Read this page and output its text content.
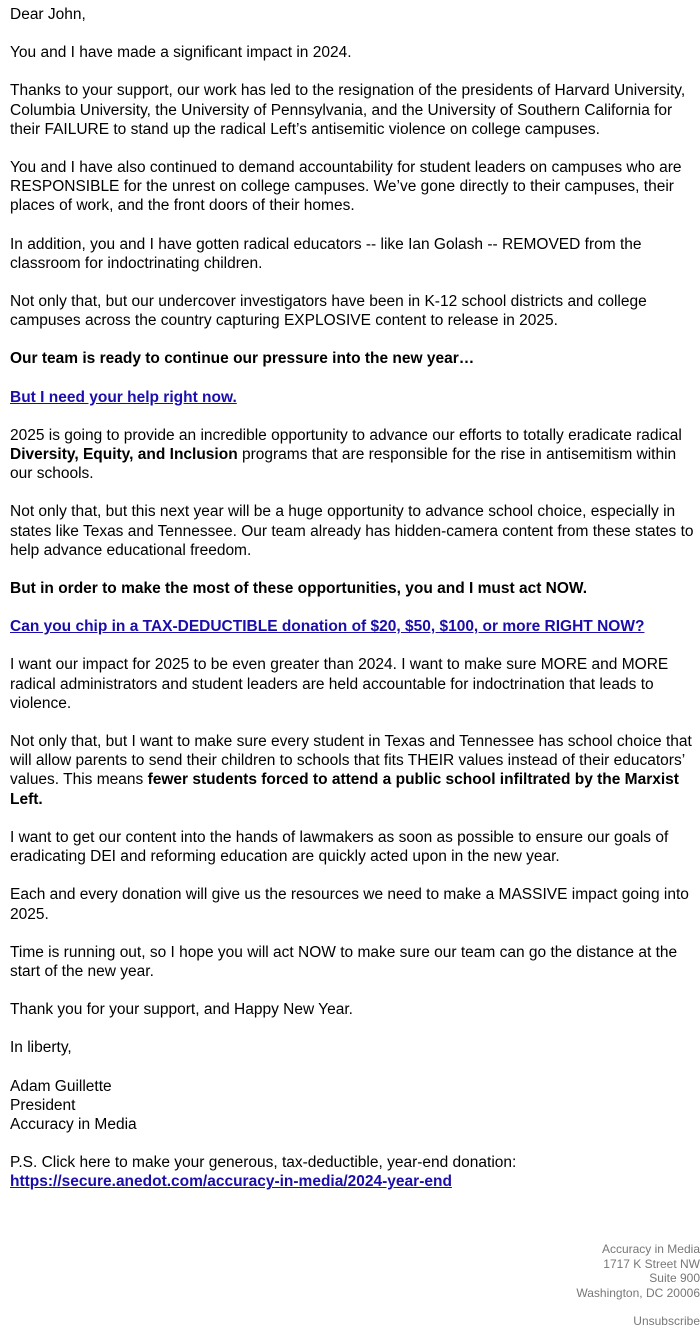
Dear John,

You and I have made a significant impact in 2024.

Thanks to your support, our work has led to the resignation of the presidents of Harvard University, Columbia University, the University of Pennsylvania, and the University of Southern California for their FAILURE to stand up the radical Left’s antisemitic violence on college campuses.

You and I have also continued to demand accountability for student leaders on campuses who are RESPONSIBLE for the unrest on college campuses. We’ve gone directly to their campuses, their places of work, and the front doors of their homes.

In addition, you and I have gotten radical educators -- like Ian Golash -- REMOVED from the classroom for indoctrinating children.

Not only that, but our undercover investigators have been in K-12 school districts and college campuses across the country capturing EXPLOSIVE content to release in 2025.

Our team is ready to continue our pressure into the new year…

But I need your help right now.

2025 is going to provide an incredible opportunity to advance our efforts to totally eradicate radical Diversity, Equity, and Inclusion programs that are responsible for the rise in antisemitism within our schools.

Not only that, but this next year will be a huge opportunity to advance school choice, especially in states like Texas and Tennessee. Our team already has hidden-camera content from these states to help advance educational freedom.

But in order to make the most of these opportunities, you and I must act NOW.

Can you chip in a TAX-DEDUCTIBLE donation of $20, $50, $100, or more RIGHT NOW?

I want our impact for 2025 to be even greater than 2024. I want to make sure MORE and MORE radical administrators and student leaders are held accountable for indoctrination that leads to violence.

Not only that, but I want to make sure every student in Texas and Tennessee has school choice that will allow parents to send their children to schools that fits THEIR values instead of their educators’ values. This means fewer students forced to attend a public school infiltrated by the Marxist Left.

I want to get our content into the hands of lawmakers as soon as possible to ensure our goals of eradicating DEI and reforming education are quickly acted upon in the new year.

Each and every donation will give us the resources we need to make a MASSIVE impact going into 2025.

Time is running out, so I hope you will act NOW to make sure our team can go the distance at the start of the new year.

Thank you for your support, and Happy New Year.

In liberty,

Adam Guillette
President
Accuracy in Media

P.S. Click here to make your generous, tax-deductible, year-end donation:
https://secure.anedot.com/accuracy-in-media/2024-year-end

Accuracy in Media
1717 K Street NW
Suite 900
Washington, DC 20006
Unsubscribe
